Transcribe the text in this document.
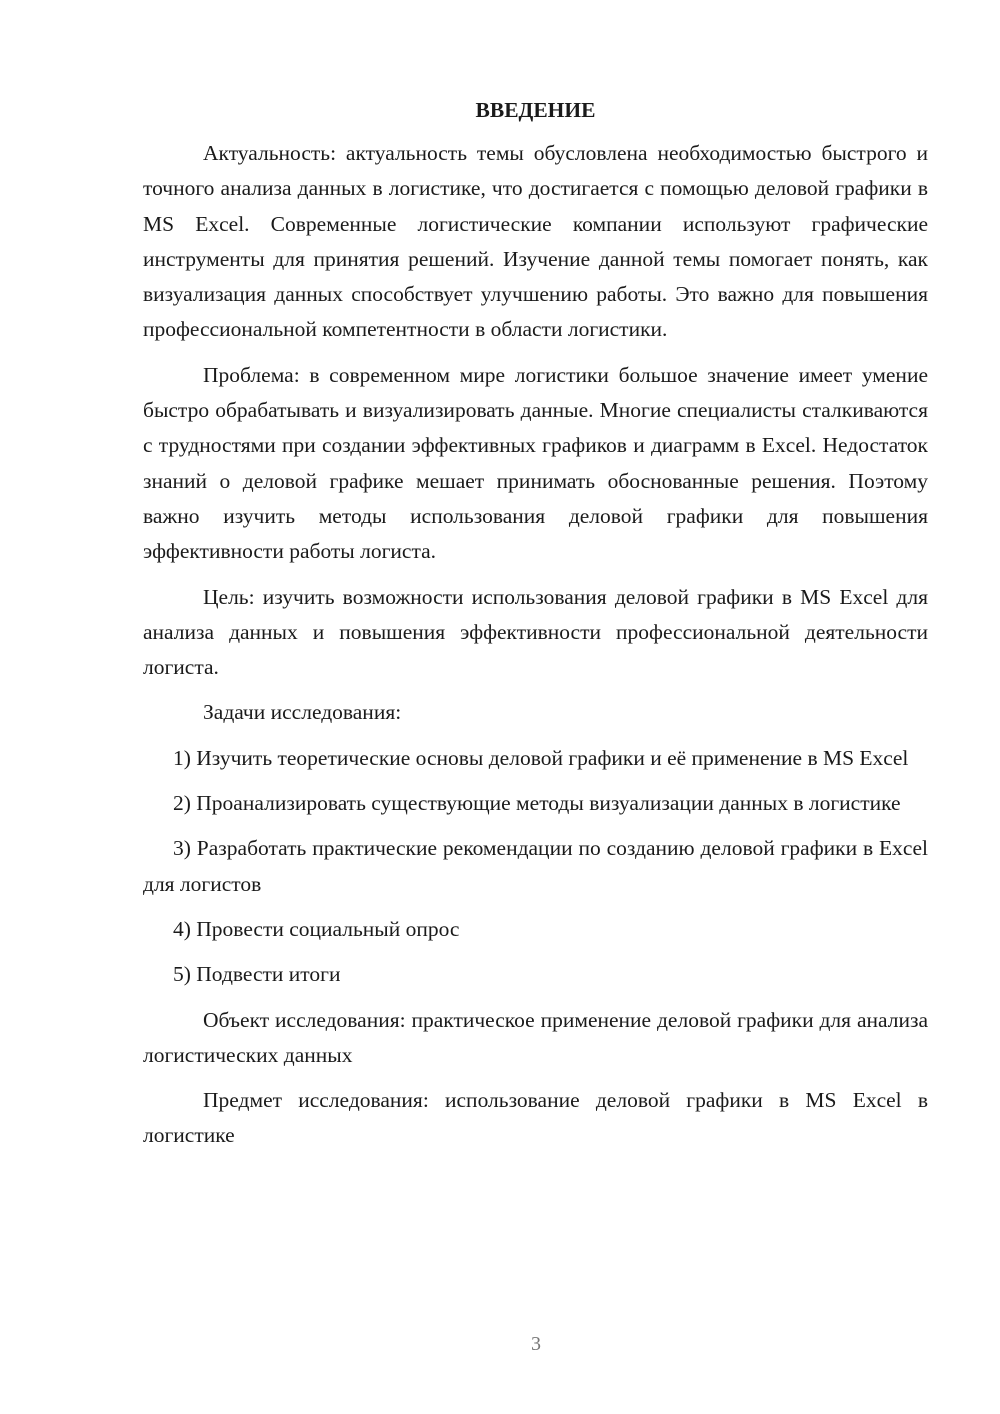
ВВЕДЕНИЕ

Актуальность: актуальность темы обусловлена необходимостью быстрого и точного анализа данных в логистике, что достигается с помощью деловой графики в MS Excel. Современные логистические компании используют графические инструменты для принятия решений. Изучение данной темы помогает понять, как визуализация данных способствует улучшению работы. Это важно для повышения профессиональной компетентности в области логистики.

Проблема: в современном мире логистики большое значение имеет умение быстро обрабатывать и визуализировать данные. Многие специалисты сталкиваются с трудностями при создании эффективных графиков и диаграмм в Excel. Недостаток знаний о деловой графике мешает принимать обоснованные решения. Поэтому важно изучить методы использования деловой графики для повышения эффективности работы логиста.

Цель: изучить возможности использования деловой графики в MS Excel для анализа данных и повышения эффективности профессиональной деятельности логиста.

Задачи исследования:

1) Изучить теоретические основы деловой графики и её применение в MS Excel

2) Проанализировать существующие методы визуализации данных в логистике

3) Разработать практические рекомендации по созданию деловой графики в Excel для логистов

4) Провести социальный опрос

5) Подвести итоги

Объект исследования: практическое применение деловой графики для анализа логистических данных

Предмет исследования: использование деловой графики в MS Excel в логистике

3
